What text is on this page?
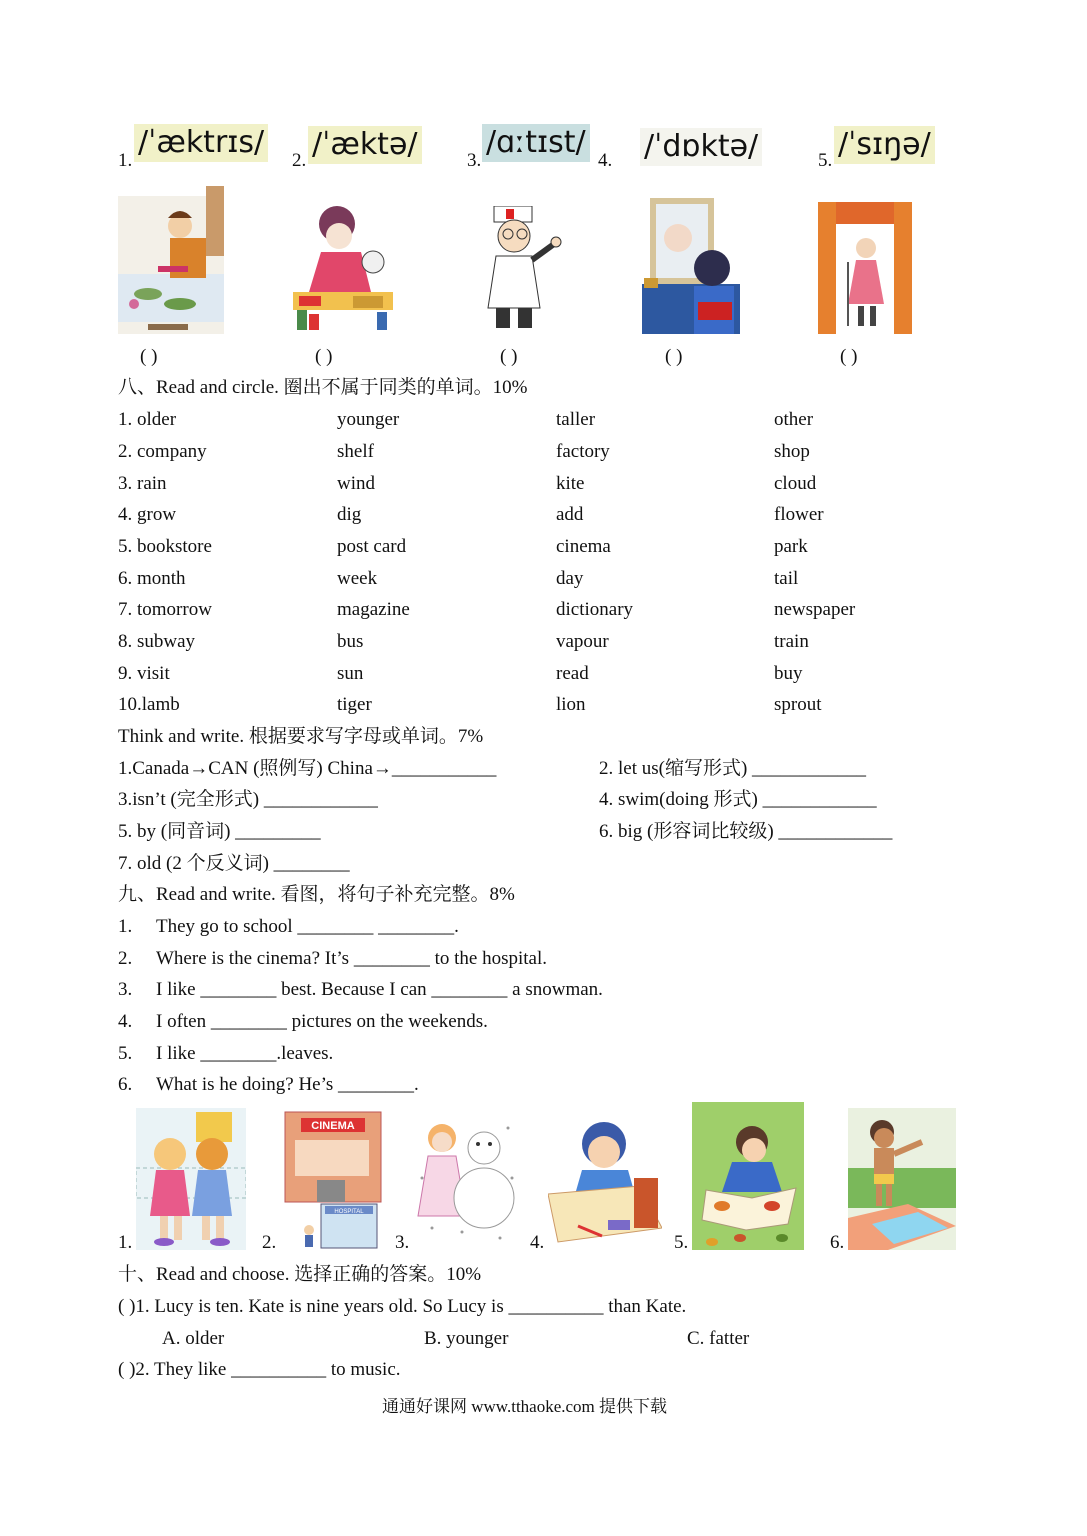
1.
/ˈæktrɪs/
2. /ˈæktə/	3.
/ɑːtɪst/
4. /ˈdɒktə/	5. /ˈsɪŋə/
( )	( )	( )	( )	( )
八、Read and circle. 圈出不属于同类的单词。10%
1. older	younger	taller	other
2. company	shelf	factory	shop
3. rain	wind	kite	cloud
4. grow	dig	add	flower
5. bookstore	post card	cinema	park
6. month	week	day	tail
7. tomorrow	magazine	dictionary	newspaper
8. subway	bus	vapour	train
9. visit	sun	read	buy
10.lamb	tiger	lion	sprout
Think and write. 根据要求写字母或单词。7%
1.Canada→CAN (照例写) China→___________	2. let us(缩写形式) ____________
3.isn’t (完全形式) ____________	4. swim(doing 形式) ____________
5. by (同音词) _________	6. big (形容词比较级) ____________
7. old (2 个反义词) ________
九、Read and write. 看图，将句子补充完整。8%
1. They go to school ________ ________.
2. Where is the cinema? It’s ________ to the hospital.
3. I like ________ best. Because I can ________ a snowman.
4. I often ________ pictures on the weekends.
5. I like ________.leaves.
6. What is he doing? He’s ________.
1.	2.
CINEMA
HOSPITAL
3.	4.	5.	6.
十、Read and choose. 选择正确的答案。10%
( )1. Lucy is ten. Kate is nine years old. So Lucy is __________ than Kate.
A. older	B. younger	C. fatter
( )2. They like __________ to music.
通通好课网 www.tthaoke.com 提供下载
